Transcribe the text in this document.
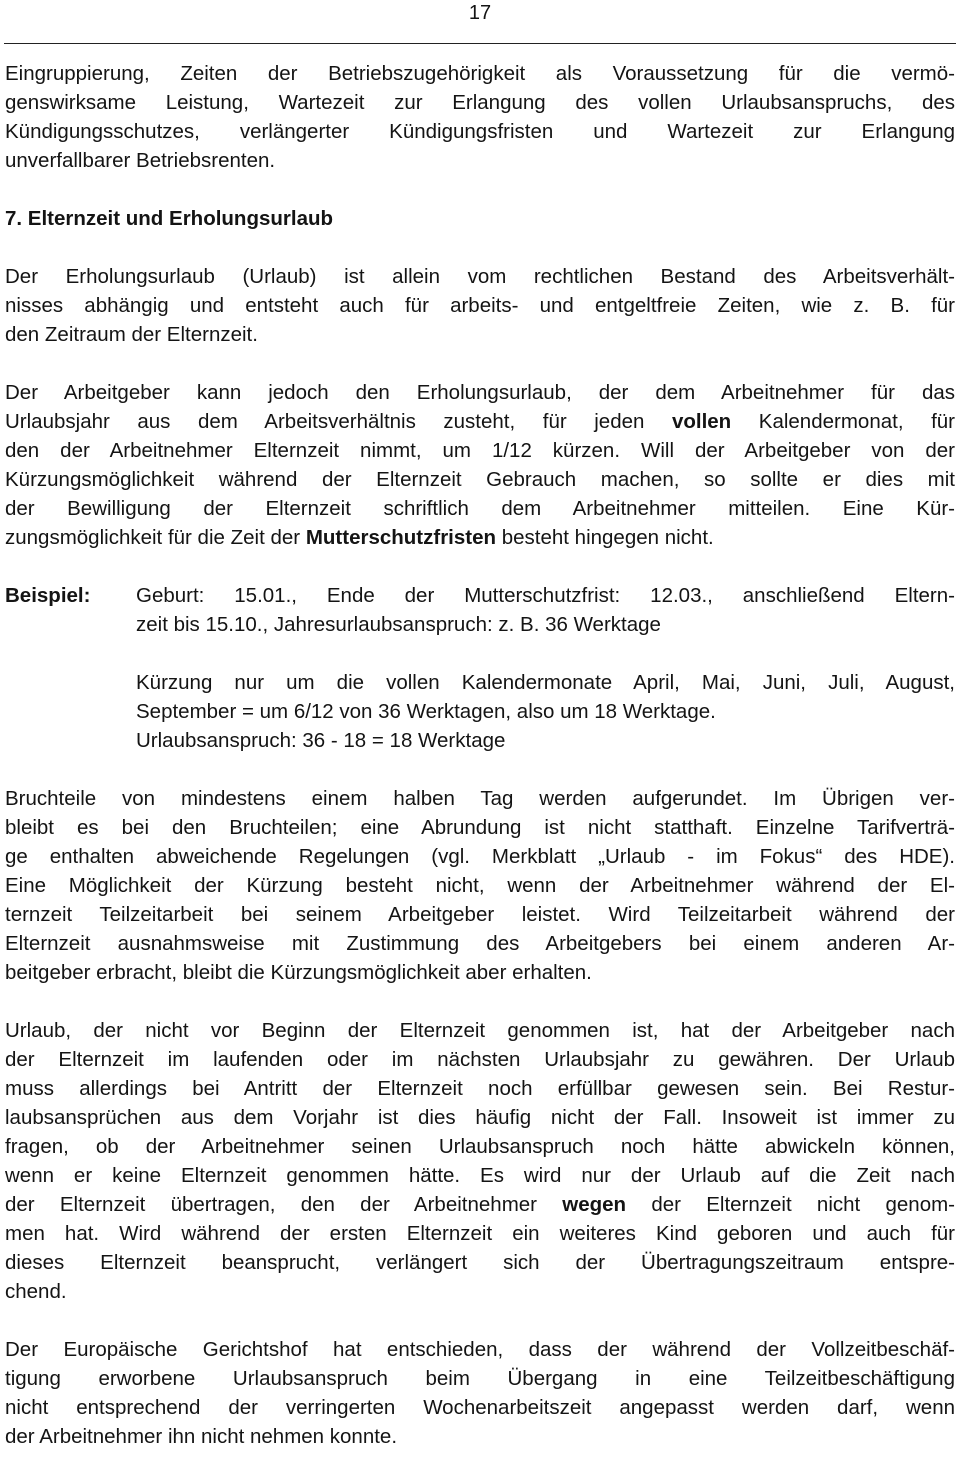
17
Eingruppierung, Zeiten der Betriebszugehörigkeit als Voraussetzung für die vermö-
genswirksame Leistung, Wartezeit zur Erlangung des vollen Urlaubsanspruchs, des
Kündigungsschutzes, verlängerter Kündigungsfristen und Wartezeit zur Erlangung
unverfallbarer Betriebsrenten.
7. Elternzeit und Erholungsurlaub
Der Erholungsurlaub (Urlaub) ist allein vom rechtlichen Bestand des Arbeitsverhält-
nisses abhängig und entsteht auch für arbeits- und entgeltfreie Zeiten, wie z. B. für
den Zeitraum der Elternzeit.
Der Arbeitgeber kann jedoch den Erholungsurlaub, der dem Arbeitnehmer für das
Urlaubsjahr aus dem Arbeitsverhältnis zusteht, für jeden vollen Kalendermonat, für
den der Arbeitnehmer Elternzeit nimmt, um 1/12 kürzen. Will der Arbeitgeber von der
Kürzungsmöglichkeit während der Elternzeit Gebrauch machen, so sollte er dies mit
der Bewilligung der Elternzeit schriftlich dem Arbeitnehmer mitteilen. Eine Kür-
zungsmöglichkeit für die Zeit der Mutterschutzfristen besteht hingegen nicht.
Beispiel:	Geburt: 15.01., Ende der Mutterschutzfrist: 12.03., anschließend Eltern-
zeit bis 15.10., Jahresurlaubsanspruch: z. B. 36 Werktage
Kürzung nur um die vollen Kalendermonate April, Mai, Juni, Juli, August,
September = um 6/12 von 36 Werktagen, also um 18 Werktage.
Urlaubsanspruch: 36 - 18 = 18 Werktage
Bruchteile von mindestens einem halben Tag werden aufgerundet. Im Übrigen ver-
bleibt es bei den Bruchteilen; eine Abrundung ist nicht statthaft. Einzelne Tarifverträ-
ge enthalten abweichende Regelungen (vgl. Merkblatt „Urlaub - im Fokus“ des HDE).
Eine Möglichkeit der Kürzung besteht nicht, wenn der Arbeitnehmer während der El-
ternzeit Teilzeitarbeit bei seinem Arbeitgeber leistet. Wird Teilzeitarbeit während der
Elternzeit ausnahmsweise mit Zustimmung des Arbeitgebers bei einem anderen Ar-
beitgeber erbracht, bleibt die Kürzungsmöglichkeit aber erhalten.
Urlaub, der nicht vor Beginn der Elternzeit genommen ist, hat der Arbeitgeber nach
der Elternzeit im laufenden oder im nächsten Urlaubsjahr zu gewähren. Der Urlaub
muss allerdings bei Antritt der Elternzeit noch erfüllbar gewesen sein. Bei Restur-
laubsansprüchen aus dem Vorjahr ist dies häufig nicht der Fall. Insoweit ist immer zu
fragen, ob der Arbeitnehmer seinen Urlaubsanspruch noch hätte abwickeln können,
wenn er keine Elternzeit genommen hätte. Es wird nur der Urlaub auf die Zeit nach
der Elternzeit übertragen, den der Arbeitnehmer wegen der Elternzeit nicht genom-
men hat. Wird während der ersten Elternzeit ein weiteres Kind geboren und auch für
dieses Elternzeit beansprucht, verlängert sich der Übertragungszeitraum entspre-
chend.
Der Europäische Gerichtshof hat entschieden, dass der während der Vollzeitbeschäf-
tigung erworbene Urlaubsanspruch beim Übergang in eine Teilzeitbeschäftigung
nicht entsprechend der verringerten Wochenarbeitszeit angepasst werden darf, wenn
der Arbeitnehmer ihn nicht nehmen konnte.
